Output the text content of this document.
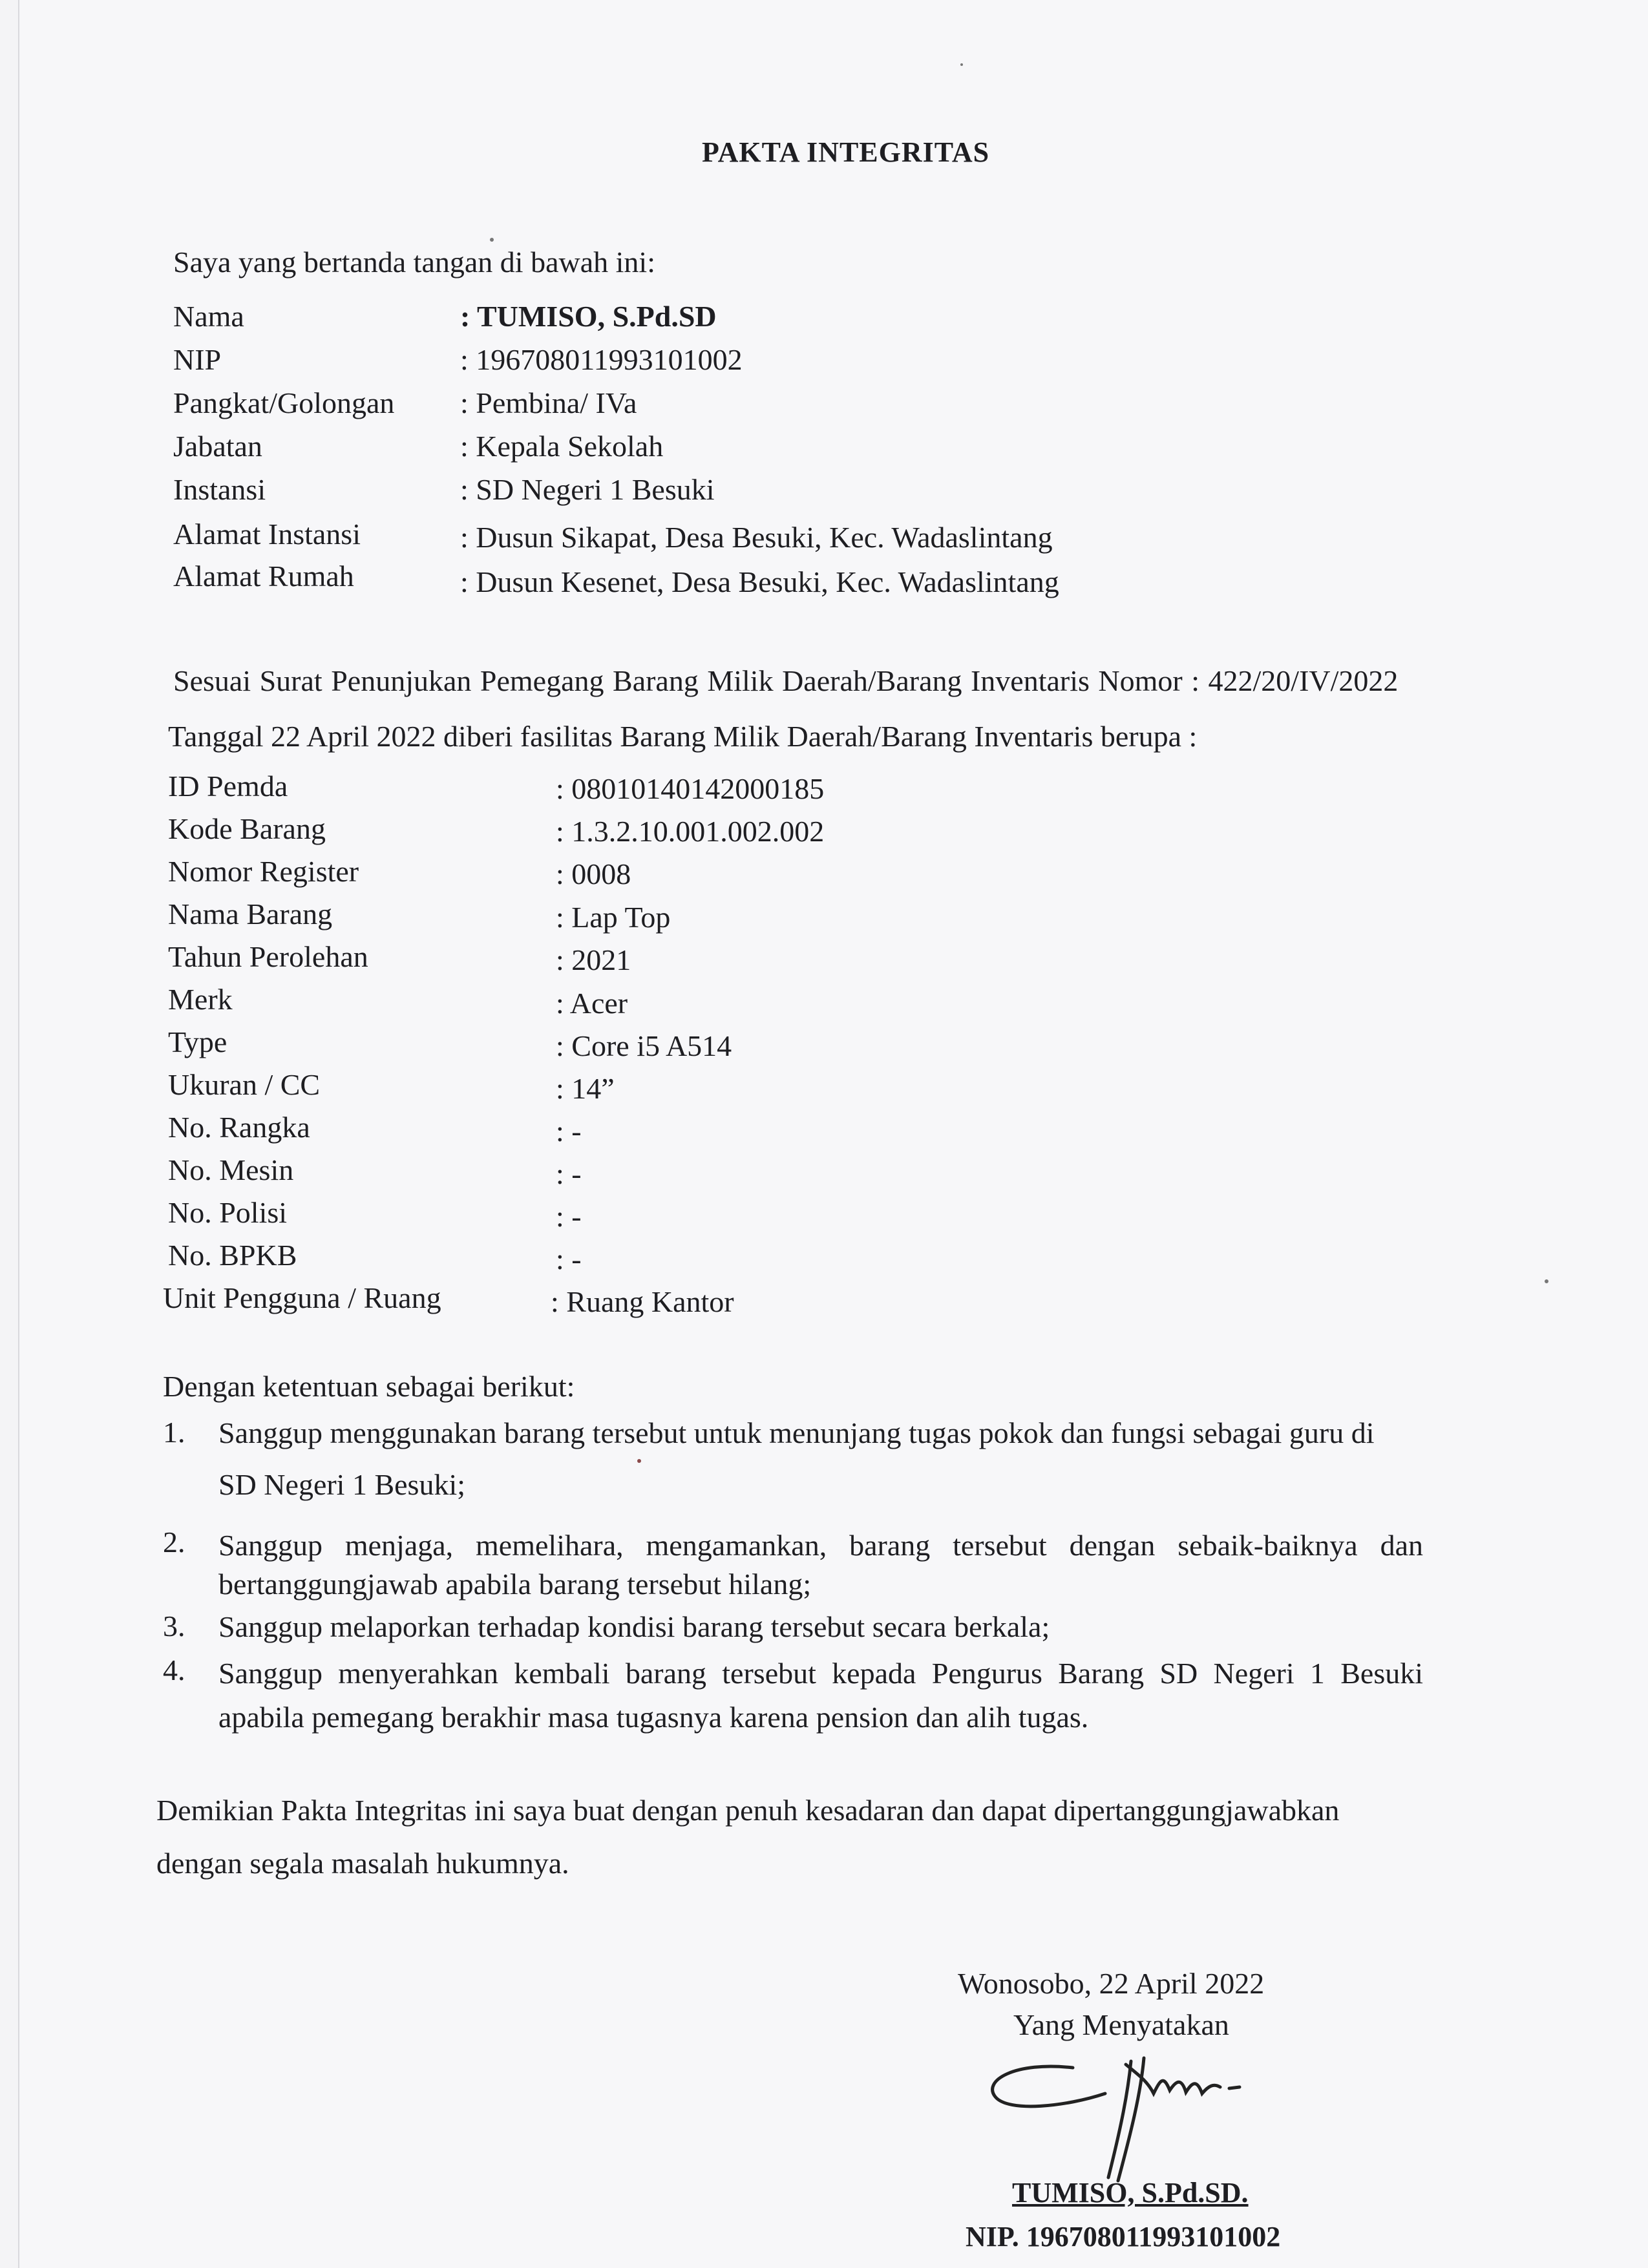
PAKTA INTEGRITAS
Saya yang bertanda tangan di bawah ini:
Nama	: TUMISO, S.Pd.SD
NIP	: 196708011993101002
Pangkat/Golongan : Pembina/ IVa
Jabatan	: Kepala Sekolah
Instansi	: SD Negeri 1 Besuki
Alamat Instansi	: Dusun Sikapat, Desa Besuki, Kec. Wadaslintang
Alamat Rumah	: Dusun Kesenet, Desa Besuki, Kec. Wadaslintang
Sesuai Surat Penunjukan Pemegang Barang Milik Daerah/Barang Inventaris Nomor : 422/20/IV/2022
Tanggal 22 April 2022 diberi fasilitas Barang Milik Daerah/Barang Inventaris berupa :
ID Pemda	: 08010140142000185
Kode Barang	: 1.3.2.10.001.002.002
Nomor Register	: 0008
Nama Barang	: Lap Top
Tahun Perolehan	: 2021
Merk	: Acer
Type	: Core i5 A514
Ukuran / CC	: 14”
No. Rangka	: -
No. Mesin	: -
No. Polisi	: -
No. BPKB	: -
Unit Pengguna / Ruang	: Ruang Kantor
Dengan ketentuan sebagai berikut:
1. Sanggup menggunakan barang tersebut untuk menunjang tugas pokok dan fungsi sebagai guru di
SD Negeri 1 Besuki;
2. Sanggup menjaga, memelihara, mengamankan, barang tersebut dengan sebaik-baiknya dan
bertanggungjawab apabila barang tersebut hilang;
3. Sanggup melaporkan terhadap kondisi barang tersebut secara berkala;
4. Sanggup menyerahkan kembali barang tersebut kepada Pengurus Barang SD Negeri 1 Besuki
apabila pemegang berakhir masa tugasnya karena pension dan alih tugas.
Demikian Pakta Integritas ini saya buat dengan penuh kesadaran dan dapat dipertanggungjawabkan
dengan segala masalah hukumnya.
Wonosobo, 22 April 2022
Yang Menyatakan
TUMISO, S.Pd.SD.
NIP. 196708011993101002
